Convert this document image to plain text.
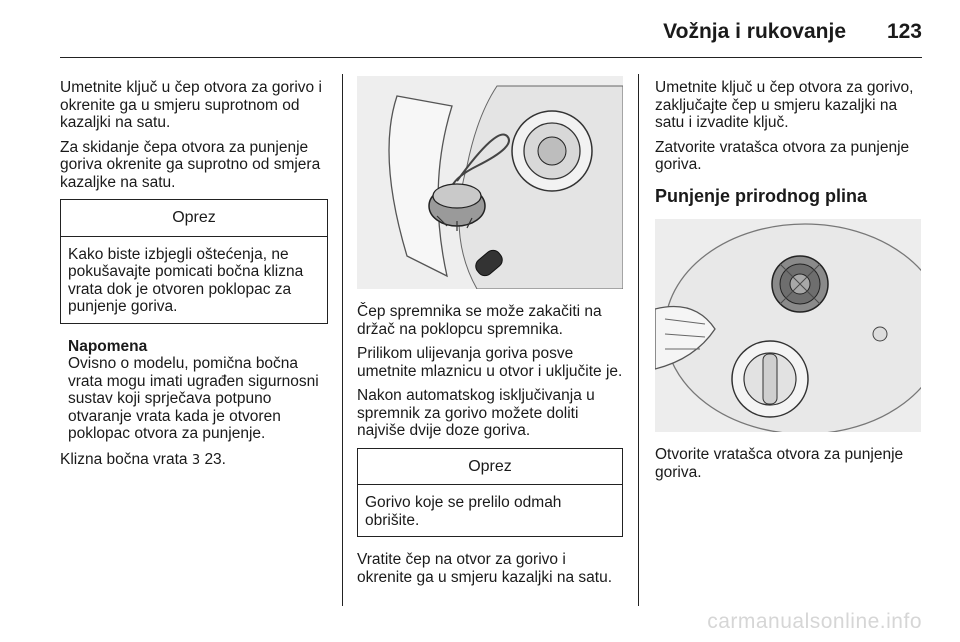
Vožnja i rukovanje 123

Umetnite ključ u čep otvora za gorivo i okrenite ga u smjeru suprotnom od kazaljki na satu.

Za skidanje čepa otvora za punjenje goriva okrenite ga suprotno od smjera kazaljke na satu.

Oprez
Kako biste izbjegli oštećenja, ne pokušavajte pomicati bočna klizna vrata dok je otvoren poklopac za punjenje goriva.
Napomena
Ovisno o modelu, pomična bočna vrata mogu imati ugrađen sigurnosni sustav koji sprječava potpuno otvaranje vrata kada je otvoren poklopac otvora za punjenje.

Klizna bočna vrata 3 23.

Čep spremnika se može zakačiti na držač na poklopcu spremnika.

Prilikom ulijevanja goriva posve umetnite mlaznicu u otvor i uključite je.

Nakon automatskog isključivanja u spremnik za gorivo možete doliti najviše dvije doze goriva.

Oprez
Gorivo koje se prelilo odmah obrišite.

Vratite čep na otvor za gorivo i okrenite ga u smjeru kazaljki na satu.

Umetnite ključ u čep otvora za gorivo, zaključajte čep u smjeru kazaljki na satu i izvadite ključ.

Zatvorite vratašca otvora za punjenje goriva.

Punjenje prirodnog plina

Otvorite vratašca otvora za punjenje goriva.

carmanualsonline.info
